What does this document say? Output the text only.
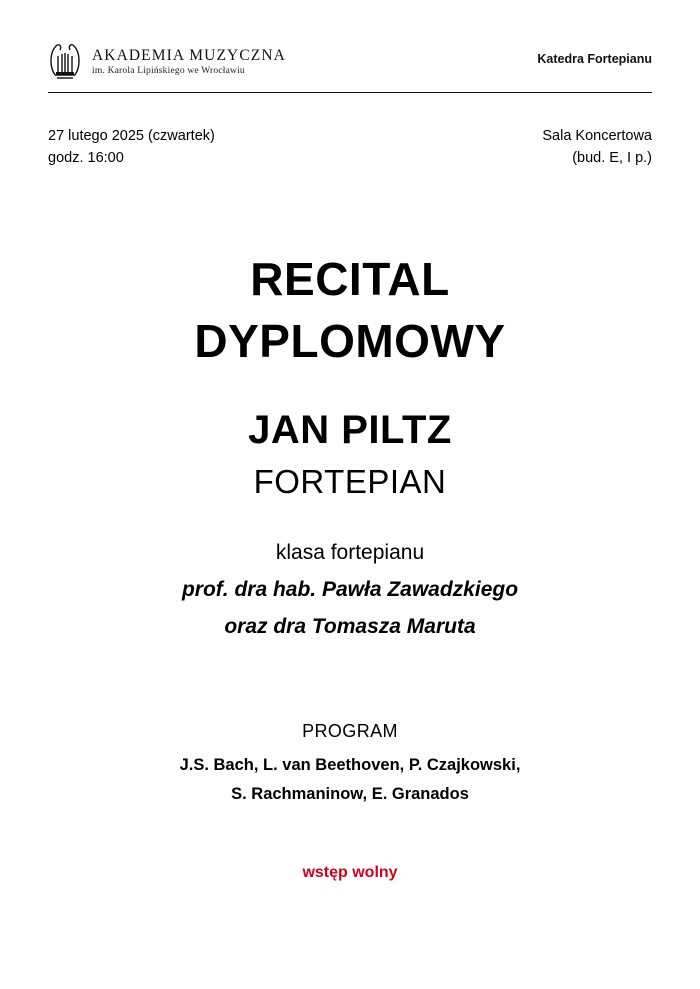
AKADEMIA MUZYCZNA
im. Karola Lipińskiego we Wrocławiu
Katedra Fortepianu
27 lutego 2025 (czwartek)
godz. 16:00
Sala Koncertowa
(bud. E, I p.)
RECITAL
DYPLOMOWY
JAN PILTZ
FORTEPIAN
klasa fortepianu
prof. dra hab. Pawła Zawadzkiego
oraz dra Tomasza Maruta
PROGRAM
J.S. Bach, L. van Beethoven, P. Czajkowski,
S. Rachmaninow, E. Granados
wstęp wolny
